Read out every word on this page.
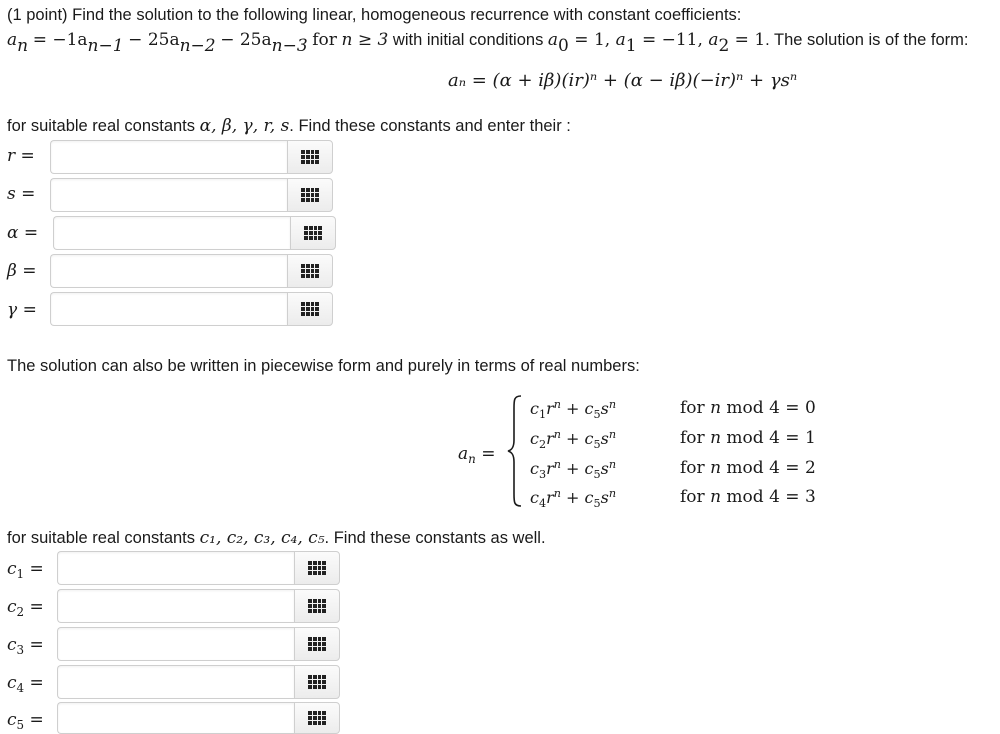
(1 point) Find the solution to the following linear, homogeneous recurrence with constant coefficients:
$a_n = -1a_{n-1} - 25a_{n-2} - 25a_{n-3}$ for n ≥ 3 with initial conditions $a_0 = 1$, $a_1 = -11$, $a_2 = 1$. The solution is of the form:
aₙ = (α + iβ)(ir)ⁿ + (α − iβ)(−ir)ⁿ + γsⁿ
for suitable real constants α, β, γ, r, s. Find these constants and enter their :
r =
s =
α =
β =
γ =
The solution can also be written in piecewise form and purely in terms of real numbers:
$a_n$ =
$c_1r^n + c_5s^n$
$c_2r^n + c_5s^n$
$c_3r^n + c_5s^n$
$c_4r^n + c_5s^n$
for n mod 4 = 0
for n mod 4 = 1
for n mod 4 = 2
for n mod 4 = 3
for suitable real constants c₁, c₂, c₃, c₄, c₅. Find these constants as well.
$c_1$ =
$c_2$ =
$c_3$ =
$c_4$ =
$c_5$ =
